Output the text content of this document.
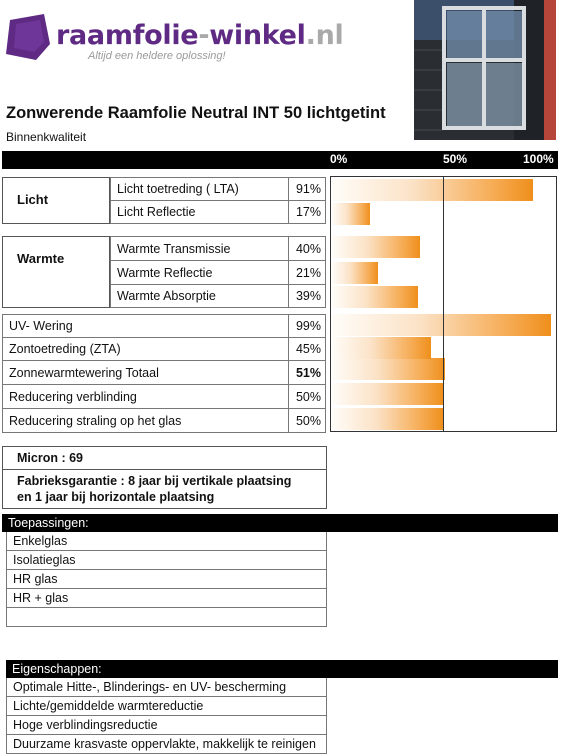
raamfolie-winkel.nl
Altijd een heldere oplossing!
Zonwerende Raamfolie Neutral INT 50 lichtgetint
Binnenkwaliteit
0%	50%	100%
Licht
Licht toetreding ( LTA)	91%
Licht Reflectie	17%
Warmte
Warmte Transmissie	40%
Warmte Reflectie	21%
Warmte Absorptie	39%
UV- Wering	99%
Zontoetreding (ZTA)	45%
Zonnewarmtewering Totaal	51%
Reducering verblinding	50%
Reducering straling op het glas	50%
Micron : 69
Fabrieksgarantie : 8 jaar bij vertikale plaatsing
en 1 jaar bij horizontale plaatsing
Toepassingen:
Enkelglas
Isolatieglas
HR glas
HR + glas
Eigenschappen:
Optimale Hitte-, Blinderings- en UV- bescherming
Lichte/gemiddelde warmtereductie
Hoge verblindingsreductie
Duurzame krasvaste oppervlakte, makkelijk te reinigen
